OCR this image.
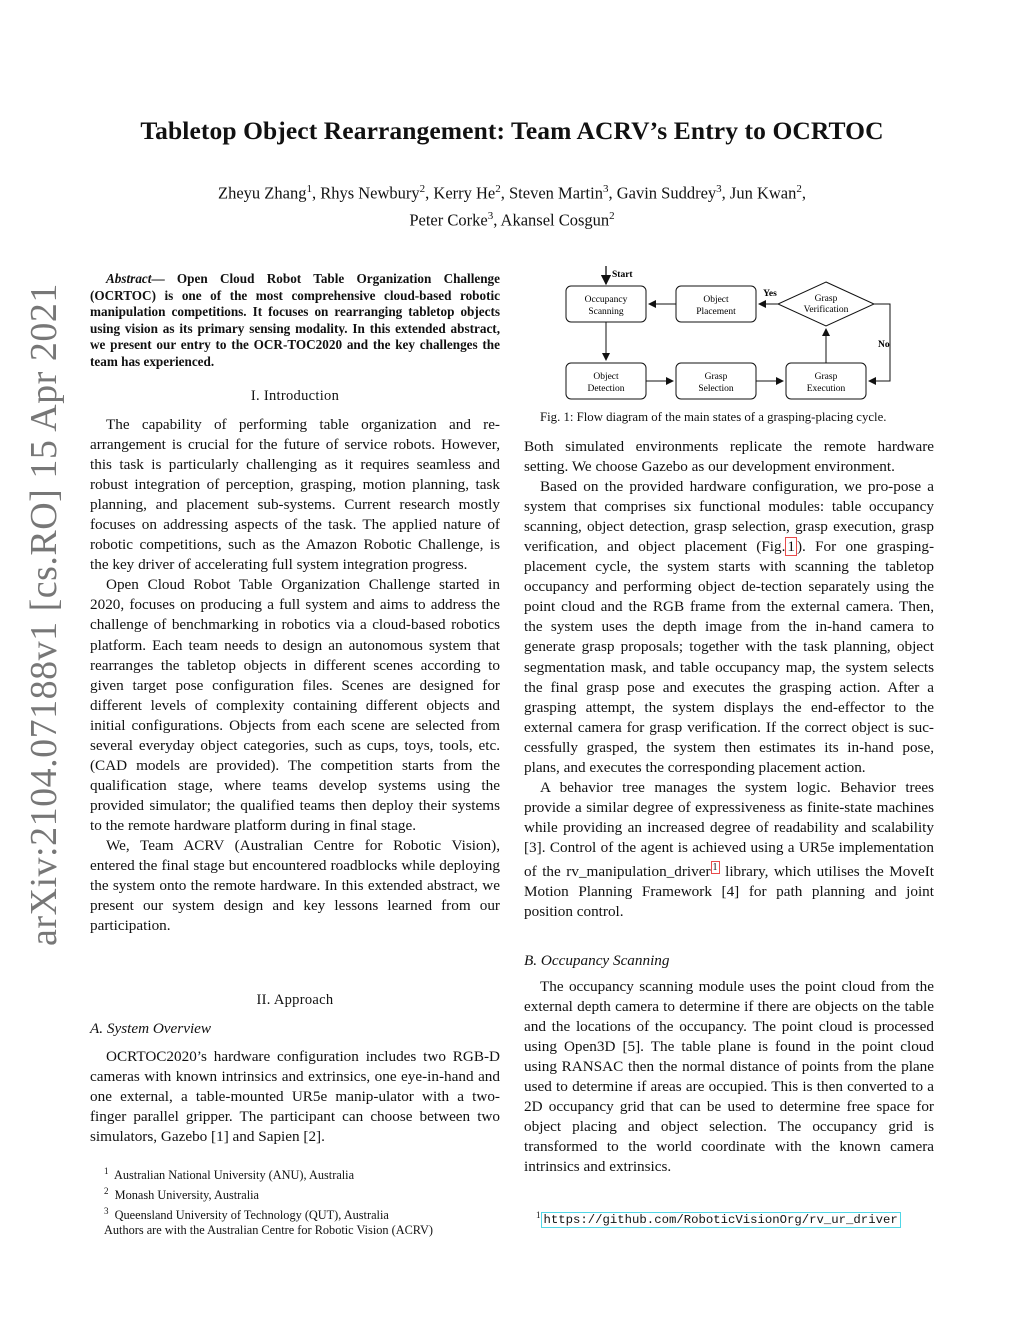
arXiv:2104.07188v1 [cs.RO] 15 Apr 2021
Tabletop Object Rearrangement: Team ACRV’s Entry to OCRTOC
Zheyu Zhang$^1$, Rhys Newbury$^2$, Kerry He$^2$, Steven Martin$^3$, Gavin Suddrey$^3$, Jun Kwan$^2$,
Peter Corke$^3$, Akansel Cosgun$^2$
Abstract— Open Cloud Robot Table Organization Challenge (OCRTOC) is one of the most comprehensive cloud-based robotic manipulation competitions. It focuses on rearranging tabletop objects using vision as its primary sensing modality. In this extended abstract, we present our entry to the OCR-TOC2020 and the key challenges the team has experienced.
I. Introduction

The capability of performing table organization and re-arrangement is crucial for the future of service robots. However, this task is particularly challenging as it requires seamless and robust integration of perception, grasping, motion planning, task planning, and placement sub-systems. Current research mostly focuses on addressing aspects of the task. The applied nature of robotic competitions, such as the Amazon Robotic Challenge, is the key driver of accelerating full system integration progress.

Open Cloud Robot Table Organization Challenge started in 2020, focuses on producing a full system and aims to address the challenge of benchmarking in robotics via a cloud-based robotics platform. Each team needs to design an autonomous system that rearranges the tabletop objects in different scenes according to given target pose configuration files. Scenes are designed for different levels of complexity containing different objects and initial configurations. Objects from each scene are selected from several everyday object categories, such as cups, toys, tools, etc. (CAD models are provided). The competition starts from the qualification stage, where teams develop systems using the provided simulator; the qualified teams then deploy their systems to the remote hardware platform during in final stage.

We, Team ACRV (Australian Centre for Robotic Vision), entered the final stage but encountered roadblocks while deploying the system onto the remote hardware. In this extended abstract, we present our system design and key lessons learned from our participation.

II. Approach
A. System Overview

OCRTOC2020’s hardware configuration includes two RGB-D cameras with known intrinsics and extrinsics, one eye-in-hand and one external, a table-mounted UR5e manip-ulator with a two-finger parallel gripper. The participant can choose between two simulators, Gazebo [1] and Sapien [2].

$^1$ Australian National University (ANU), Australia
$^2$ Monash University, Australia
$^3$ Queensland University of Technology (QUT), Australia
Authors are with the Australian Centre for Robotic Vision (ACRV)
Start
Occupancy
Scanning
Object
Placement
Grasp
Verification
Object
Detection
Grasp
Selection
Grasp
Execution
Yes
No
Fig. 1: Flow diagram of the main states of a grasping-placing cycle.

Both simulated environments replicate the remote hardware setting. We choose Gazebo as our development environment.

Based on the provided hardware configuration, we pro-pose a system that comprises six functional modules: table occupancy scanning, object detection, grasp selection, grasp execution, grasp verification, and object placement (Fig. 1 ). For one grasping-placement cycle, the system starts with scanning the tabletop occupancy and performing object de-tection separately using the point cloud and the RGB frame from the external camera. Then, the system uses the depth image from the in-hand camera to generate grasp proposals; together with the task planning, object segmentation mask, and table occupancy map, the system selects the final grasp pose and executes the grasping action. After a grasping attempt, the system displays the end-effector to the external camera for grasp verification. If the correct object is suc-cessfully grasped, the system then estimates its in-hand pose, plans, and executes the corresponding placement action.

A behavior tree manages the system logic. Behavior trees provide a similar degree of expressiveness as finite-state machines while providing an increased degree of readability and scalability [3]. Control of the agent is achieved using a UR5e implementation of the rv_manipulation_driver $^1$ library, which utilises the MoveIt Motion Planning Framework [4] for path planning and joint position control.

B. Occupancy Scanning

The occupancy scanning module uses the point cloud from the external depth camera to determine if there are objects on the table and the locations of the occupancy. The point cloud is processed using Open3D [5]. The table plane is found in the point cloud using RANSAC then the normal distance of points from the plane used to determine if areas are occupied. This is then converted to a 2D occupancy grid that can be used to determine free space for object placing and object selection. The occupancy grid is transformed to the world coordinate with the known camera intrinsics and extrinsics.

$^1$ https://github.com/RoboticVisionOrg/rv_ur_driver
